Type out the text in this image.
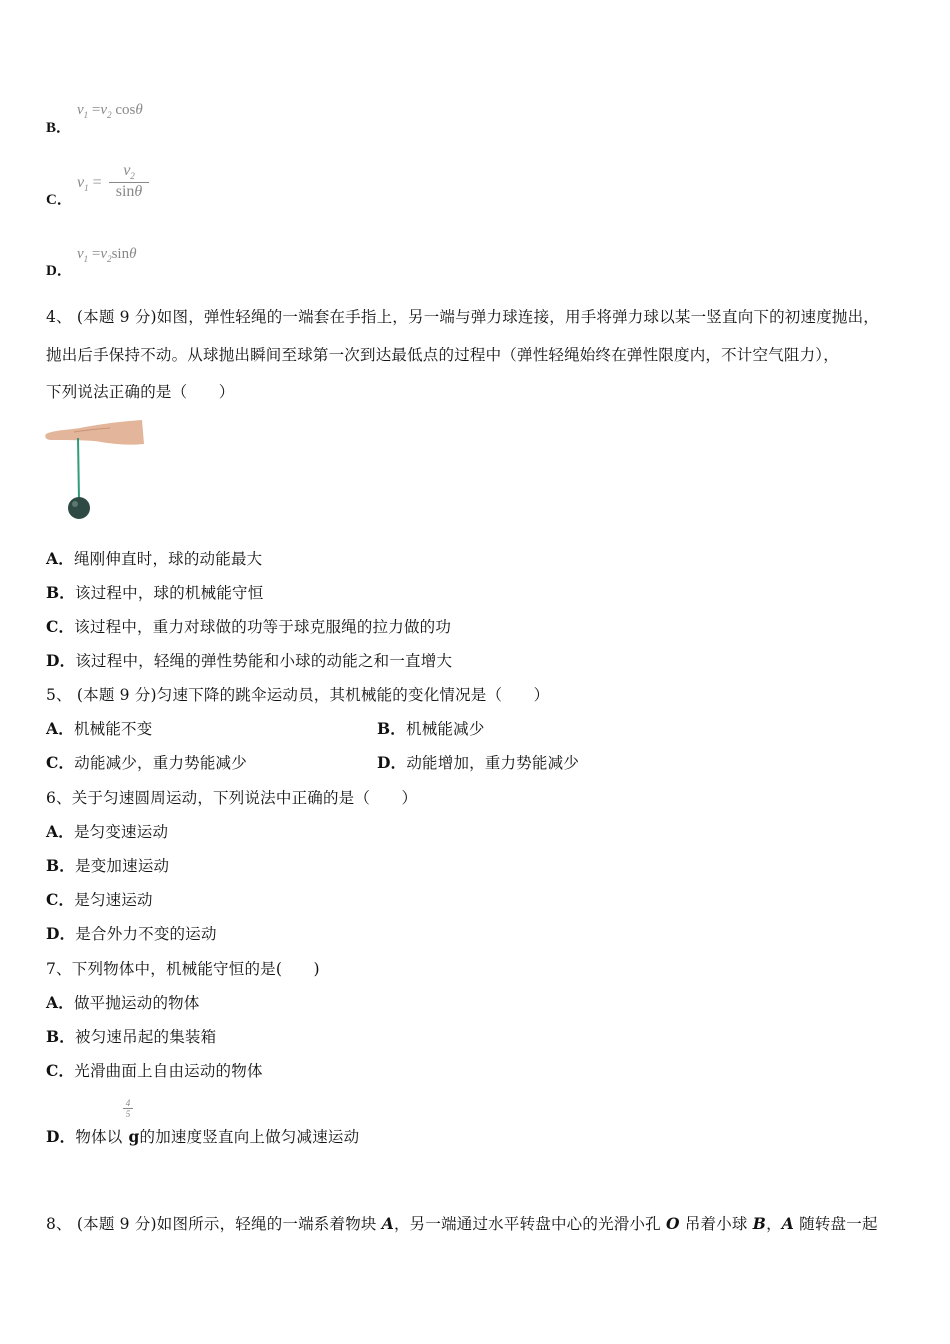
B．
$v_1 =v_2$ cosθ
C．
$v_1 = \frac{v_2}{\sin\theta}$
D．
$v_1 =v_2\sin\theta$
4、 (本题 9 分)如图，弹性轻绳的一端套在手指上，另一端与弹力球连接，用手将弹力球以某一竖直向下的初速度抛出，
抛出后手保持不动。从球抛出瞬间至球第一次到达最低点的过程中（弹性轻绳始终在弹性限度内，不计空气阻力），
下列说法正确的是（　　）
A．绳刚伸直时，球的动能最大
B．该过程中，球的机械能守恒
C．该过程中，重力对球做的功等于球克服绳的拉力做的功
D．该过程中，轻绳的弹性势能和小球的动能之和一直增大
5、 (本题 9 分)匀速下降的跳伞运动员，其机械能的变化情况是（　　）
A．机械能不变	B．机械能减少
C．动能减少，重力势能减少	D．动能增加，重力势能减少
6、关于匀速圆周运动，下列说法中正确的是（　　）
A．是匀变速运动
B．是变加速运动
C．是匀速运动
D．是合外力不变的运动
7、下列物体中，机械能守恒的是(　　)
A．做平抛运动的物体
B．被匀速吊起的集装箱
C．光滑曲面上自由运动的物体
D．物体以 g的加速度竖直向上做匀减速运动
$\frac{4}{5}$
8、 (本题 9 分)如图所示，轻绳的一端系着物块 A，另一端通过水平转盘中心的光滑小孔 O 吊着小球 B，A 随转盘一起
